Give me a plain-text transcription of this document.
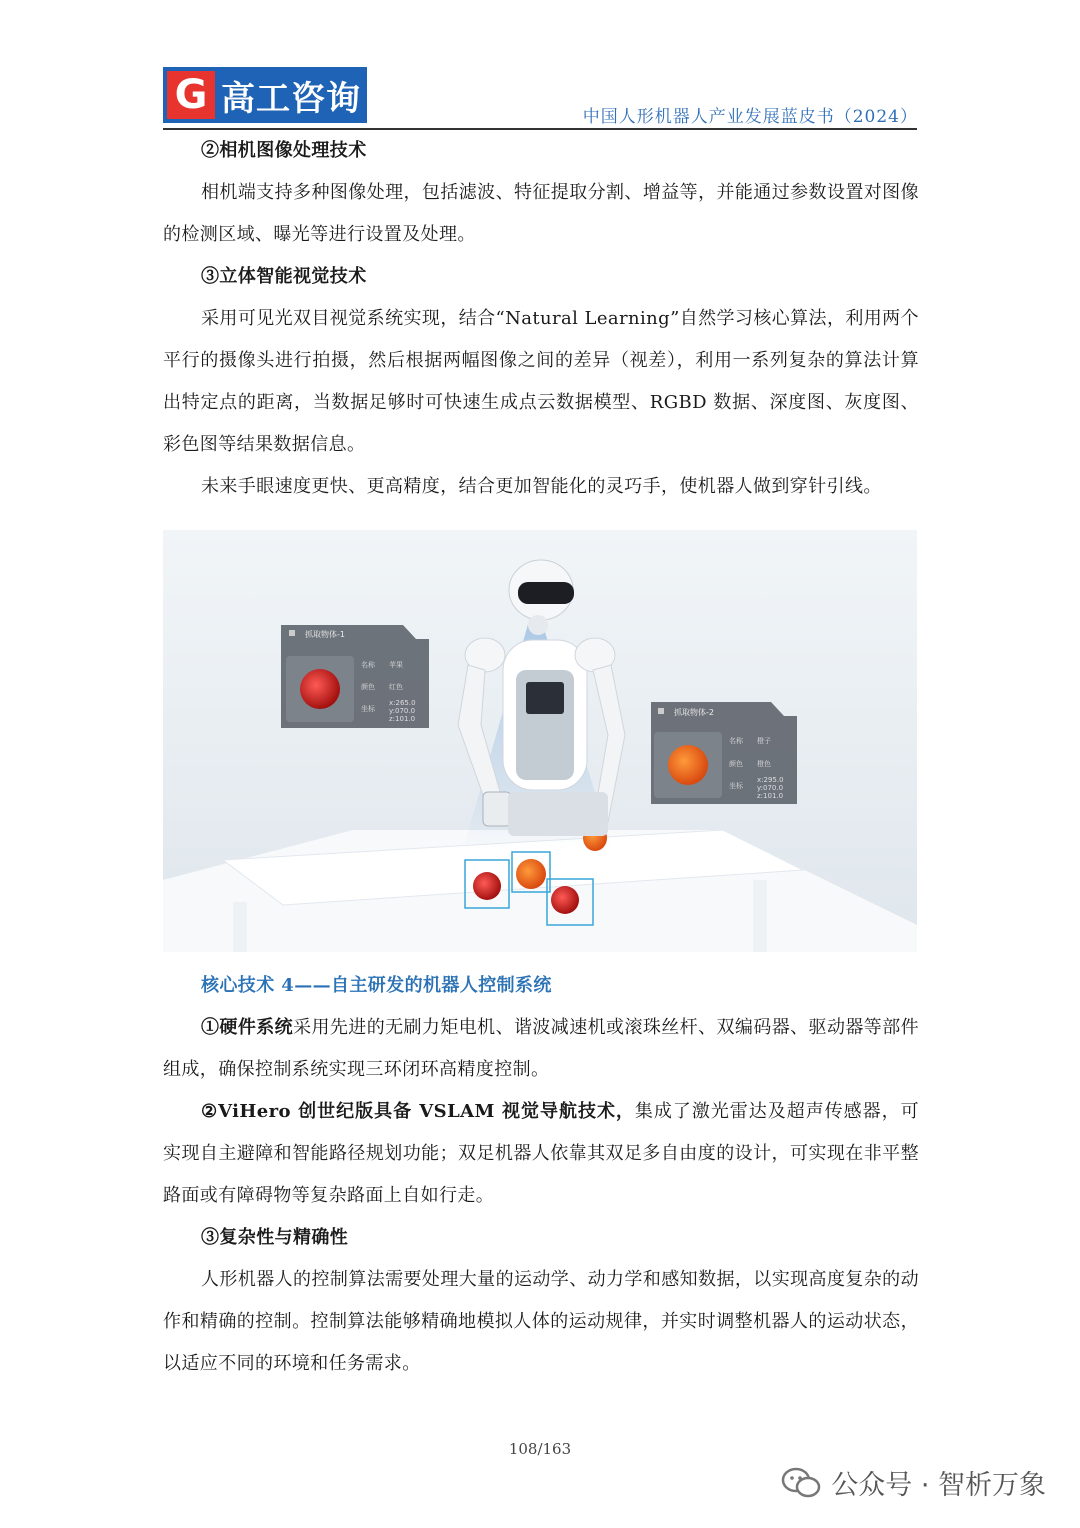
G 高工咨询	中国人形机器人产业发展蓝皮书（2024）

②相机图像处理技术

相机端支持多种图像处理，包括滤波、特征提取分割、增益等，并能通过参数设置对图像的检测区域、曝光等进行设置及处理。

③立体智能视觉技术

采用可见光双目视觉系统实现，结合“Natural Learning”自然学习核心算法，利用两个平行的摄像头进行拍摄，然后根据两幅图像之间的差异（视差），利用一系列复杂的算法计算出特定点的距离，当数据足够时可快速生成点云数据模型、RGBD 数据、深度图、灰度图、彩色图等结果数据信息。

未来手眼速度更快、更高精度，结合更加智能化的灵巧手，使机器人做到穿针引线。

抓取物体-1
名称 苹果
颜色 红色
坐标
x:265.0
y:070.0
z:101.0
抓取物体-2
名称 橙子
颜色 橙色
坐标
x:295.0
y:070.0
z:101.0

核心技术 4——自主研发的机器人控制系统

①硬件系统采用先进的无刷力矩电机、谐波减速机或滚珠丝杆、双编码器、驱动器等部件组成，确保控制系统实现三环闭环高精度控制。

②ViHero 创世纪版具备 VSLAM 视觉导航技术，集成了激光雷达及超声传感器，可实现自主避障和智能路径规划功能；双足机器人依靠其双足多自由度的设计，可实现在非平整路面或有障碍物等复杂路面上自如行走。

③复杂性与精确性

人形机器人的控制算法需要处理大量的运动学、动力学和感知数据，以实现高度复杂的动作和精确的控制。控制算法能够精确地模拟人体的运动规律，并实时调整机器人的运动状态，以适应不同的环境和任务需求。

108/163
公众号 · 智析万象
